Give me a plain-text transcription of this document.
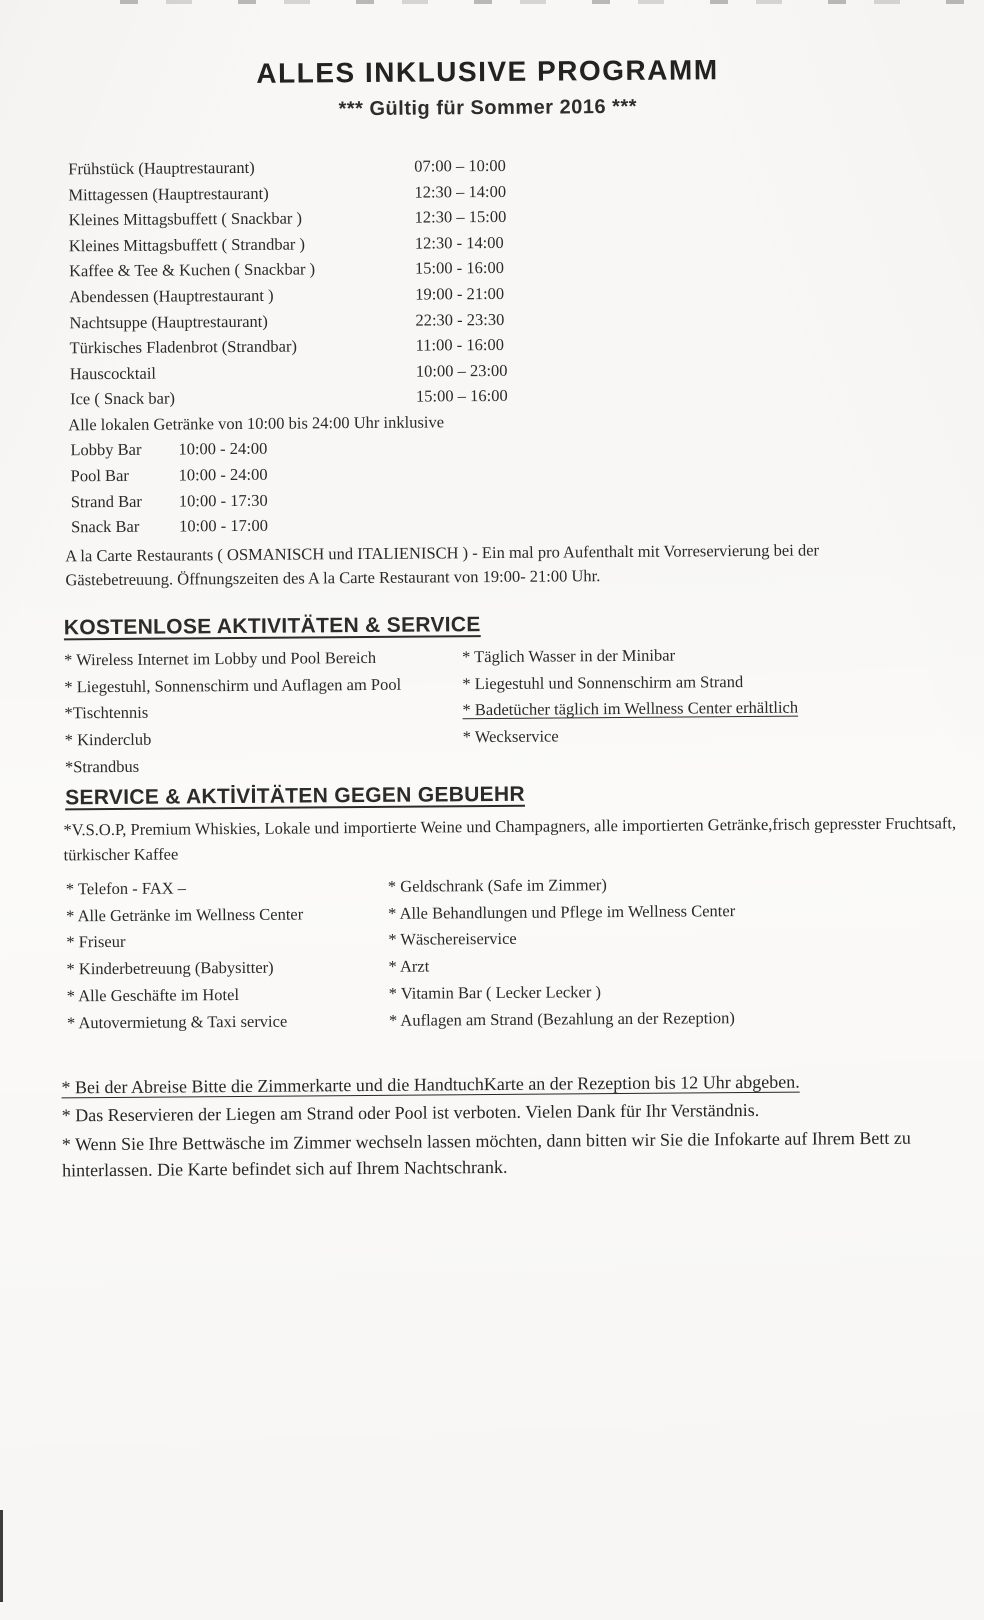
ALLES INKLUSIVE PROGRAMM
*** Gültig für Sommer 2016 ***
Frühstück (Hauptrestaurant)	07:00 – 10:00
Mittagessen (Hauptrestaurant)	12:30 – 14:00
Kleines Mittagsbuffett ( Snackbar )	12:30 – 15:00
Kleines Mittagsbuffett ( Strandbar )	12:30 - 14:00
Kaffee & Tee & Kuchen ( Snackbar )	15:00 - 16:00
Abendessen (Hauptrestaurant )	19:00 - 21:00
Nachtsuppe (Hauptrestaurant)	22:30 - 23:30
Türkisches Fladenbrot (Strandbar)	11:00 - 16:00
Hauscocktail	10:00 – 23:00
Ice ( Snack bar)	15:00 – 16:00
Alle lokalen Getränke von 10:00 bis 24:00 Uhr inklusive
Lobby Bar	10:00 - 24:00
Pool Bar	10:00 - 24:00
Strand Bar	10:00 - 17:30
Snack Bar	10:00 - 17:00

A la Carte Restaurants ( OSMANISCH und ITALIENISCH ) - Ein mal pro Aufenthalt mit Vorreservierung bei der Gästebetreuung. Öffnungszeiten des A la Carte Restaurant von 19:00- 21:00 Uhr.

KOSTENLOSE AKTIVITÄTEN & SERVICE
* Wireless Internet im Lobby und Pool Bereich
* Liegestuhl, Sonnenschirm und Auflagen am Pool
*Tischtennis
* Kinderclub
*Strandbus
* Täglich Wasser in der Minibar
* Liegestuhl und Sonnenschirm am Strand
* Badetücher täglich im Wellness Center erhältlich
* Weckservice
SERVICE & AKTİVİTÄTEN GEGEN GEBUEHR

*V.S.O.P, Premium Whiskies, Lokale und importierte Weine und Champagners, alle importierten Getränke,frisch gepresster Fruchtsaft, türkischer Kaffee

* Telefon - FAX –
* Alle Getränke im Wellness Center
* Friseur
* Kinderbetreuung (Babysitter)
* Alle Geschäfte im Hotel
* Autovermietung & Taxi service
* Geldschrank (Safe im Zimmer)
* Alle Behandlungen und Pflege im Wellness Center
* Wäschereiservice
* Arzt
* Vitamin Bar ( Lecker Lecker )
* Auflagen am Strand (Bezahlung an der Rezeption)
* Bei der Abreise Bitte die Zimmerkarte und die HandtuchKarte an der Rezeption bis 12 Uhr abgeben.
* Das Reservieren der Liegen am Strand oder Pool ist verboten. Vielen Dank für Ihr Verständnis.
* Wenn Sie Ihre Bettwäsche im Zimmer wechseln lassen möchten, dann bitten wir Sie die Infokarte auf Ihrem Bett zu hinterlassen. Die Karte befindet sich auf Ihrem Nachtschrank.
